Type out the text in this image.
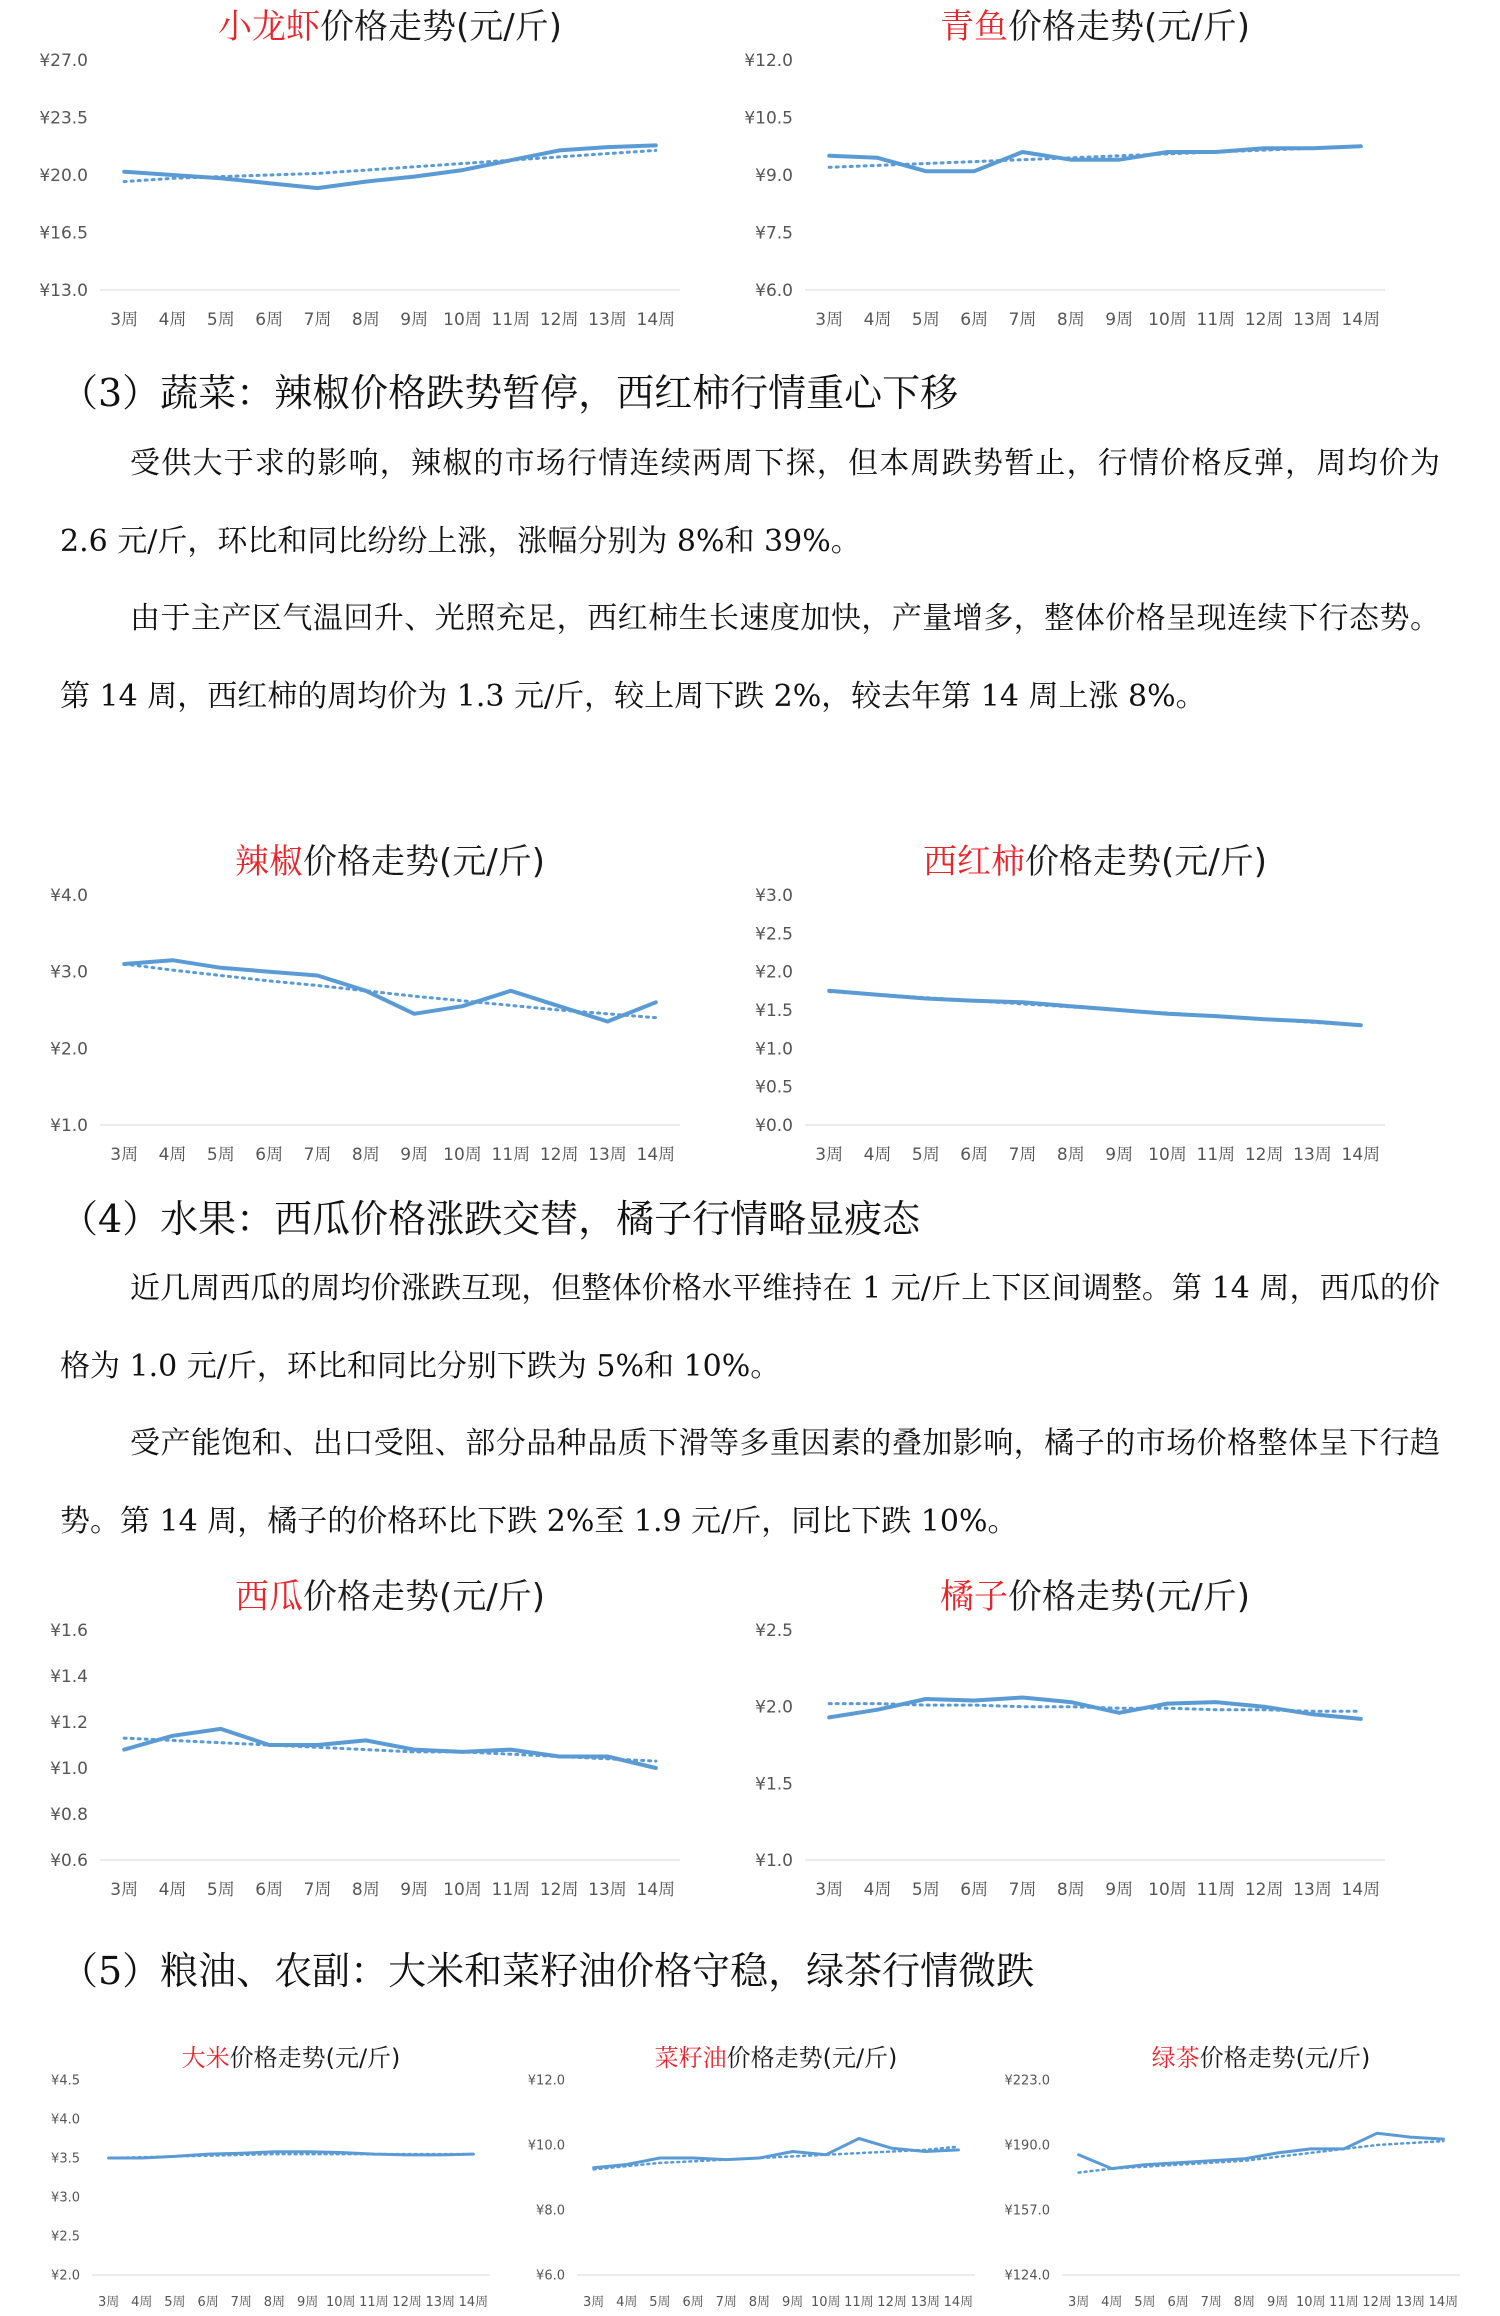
小龙虾价格走势(元/斤)
¥27.0
¥23.5
¥20.0
¥16.5
¥13.0
3周 4周 5周 6周 7周 8周 9周 10周 11周 12周 13周 14周
青鱼价格走势(元/斤)
¥12.0
¥10.5
¥9.0
¥7.5
¥6.0
3周 4周 5周 6周 7周 8周 9周 10周 11周 12周 13周 14周
（3）蔬菜：辣椒价格跌势暂停，西红柿行情重心下移

受供大于求的影响，辣椒的市场行情连续两周下探，但本周跌势暂止，行情价格反弹，周均价为 2.6 元/斤，环比和同比纷纷上涨，涨幅分别为 8%和 39%。

由于主产区气温回升、光照充足，西红柿生长速度加快，产量增多，整体价格呈现连续下行态势。第 14 周，西红柿的周均价为 1.3 元/斤，较上周下跌 2%，较去年第 14 周上涨 8%。

辣椒价格走势(元/斤)
¥4.0
¥3.0
¥2.0
¥1.0
3周 4周 5周 6周 7周 8周 9周 10周 11周 12周 13周 14周
西红柿价格走势(元/斤)
¥3.0
¥2.5
¥2.0
¥1.5
¥1.0
¥0.5
¥0.0
3周 4周 5周 6周 7周 8周 9周 10周 11周 12周 13周 14周
（4）水果：西瓜价格涨跌交替，橘子行情略显疲态

近几周西瓜的周均价涨跌互现，但整体价格水平维持在 1 元/斤上下区间调整。第 14 周，西瓜的价格为 1.0 元/斤，环比和同比分别下跌为 5%和 10%。

受产能饱和、出口受阻、部分品种品质下滑等多重因素的叠加影响，橘子的市场价格整体呈下行趋势。第 14 周，橘子的价格环比下跌 2%至 1.9 元/斤，同比下跌 10%。

西瓜价格走势(元/斤)
¥1.6
¥1.4
¥1.2
¥1.0
¥0.8
¥0.6
3周 4周 5周 6周 7周 8周 9周 10周 11周 12周 13周 14周
橘子价格走势(元/斤)
¥2.5
¥2.0
¥1.5
¥1.0
3周 4周 5周 6周 7周 8周 9周 10周 11周 12周 13周 14周
（5）粮油、农副：大米和菜籽油价格守稳，绿茶行情微跌
大米价格走势(元/斤)
¥4.5
¥4.0
¥3.5
¥3.0
¥2.5
¥2.0
3周 4周 5周 6周 7周 8周 9周 10周 11周 12周 13周 14周
菜籽油价格走势(元/斤)
¥12.0
¥10.0
¥8.0
¥6.0
3周 4周 5周 6周 7周 8周 9周 10周 11周 12周 13周 14周
绿茶价格走势(元/斤)
¥223.0
¥190.0
¥157.0
¥124.0
3周 4周 5周 6周 7周 8周 9周 10周 11周 12周 13周 14周
